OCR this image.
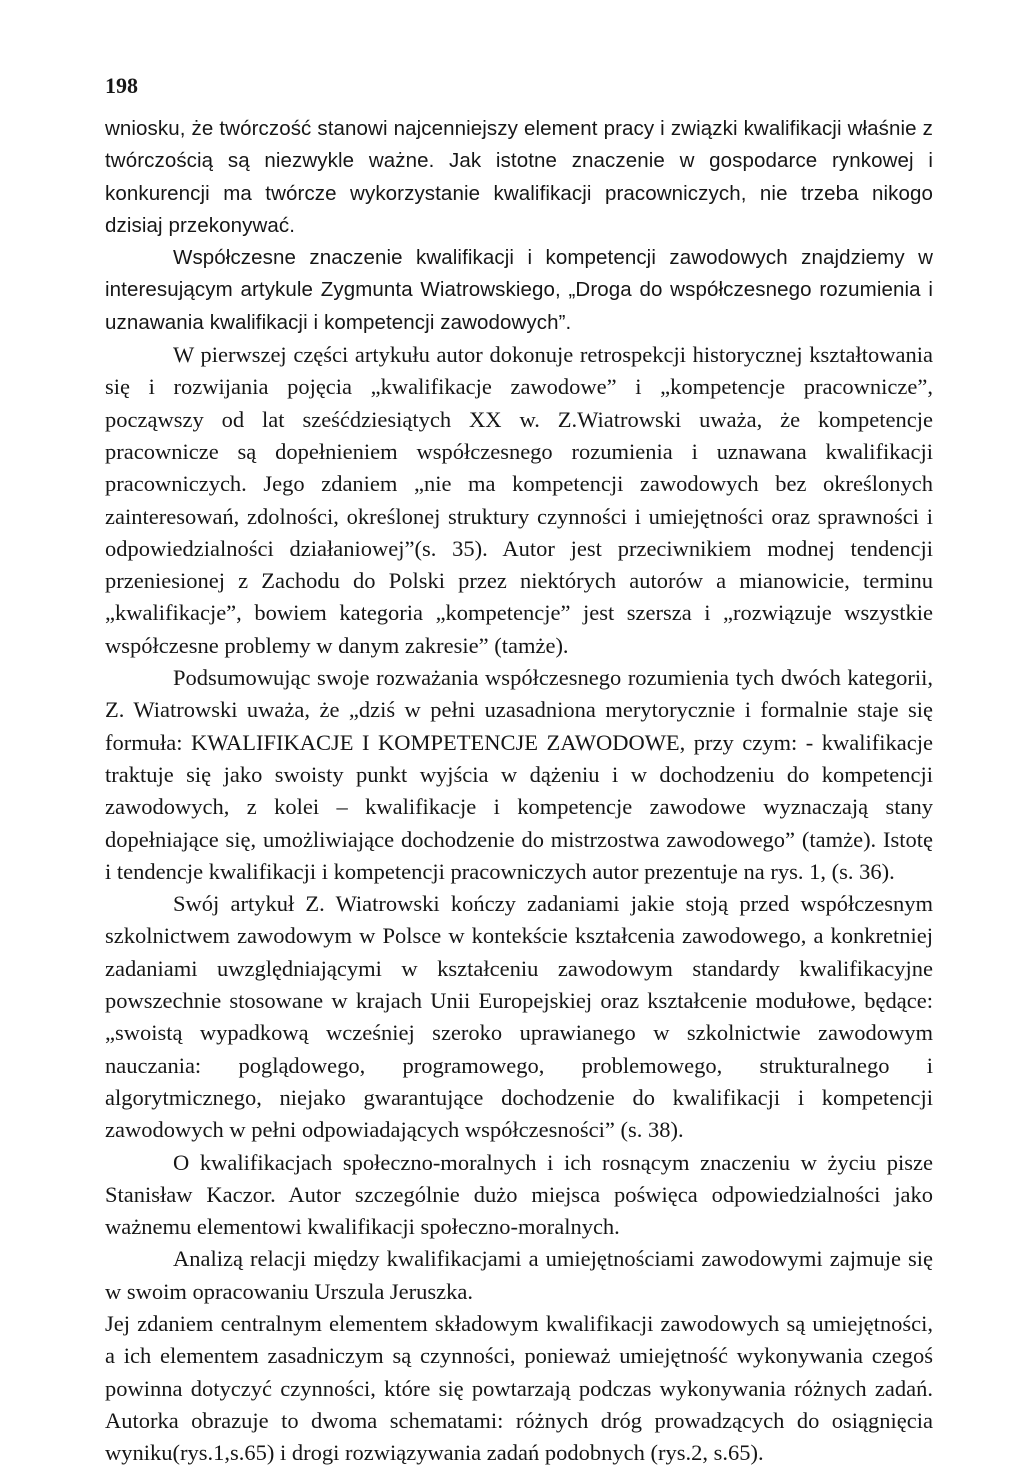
198

wniosku, że twórczość stanowi najcenniejszy element pracy i związki kwalifikacji właśnie z twórczością są niezwykle ważne. Jak istotne znaczenie w gospodarce rynkowej i konkurencji ma twórcze wykorzystanie kwalifikacji pracowniczych, nie trzeba nikogo dzisiaj przekonywać.

Współczesne znaczenie kwalifikacji i kompetencji zawodowych znajdziemy w interesującym artykule Zygmunta Wiatrowskiego, „Droga do współczesnego rozumienia i uznawania kwalifikacji i kompetencji zawodowych”.

W pierwszej części artykułu autor dokonuje retrospekcji historycznej kształtowania się i rozwijania pojęcia „kwalifikacje zawodowe” i „kompetencje pracownicze”, począwszy od lat sześćdziesiątych XX w. Z.Wiatrowski uważa, że kompetencje pracownicze są dopełnieniem współczesnego rozumienia i uznawana kwalifikacji pracowniczych. Jego zdaniem „nie ma kompetencji zawodowych bez określonych zainteresowań, zdolności, określonej struktury czynności i umiejętności oraz sprawności i odpowiedzialności działaniowej”(s. 35). Autor jest przeciwnikiem modnej tendencji przeniesionej z Zachodu do Polski przez niektórych autorów a mianowicie, terminu „kwalifikacje”, bowiem kategoria „kompetencje” jest szersza i „rozwiązuje wszystkie współczesne problemy w danym zakresie” (tamże).

Podsumowując swoje rozważania współczesnego rozumienia tych dwóch kategorii, Z. Wiatrowski uważa, że „dziś w pełni uzasadniona merytorycznie i formalnie staje się formuła: KWALIFIKACJE I KOMPETENCJE ZAWODOWE, przy czym: - kwalifikacje traktuje się jako swoisty punkt wyjścia w dążeniu i w dochodzeniu do kompetencji zawodowych, z kolei – kwalifikacje i kompetencje zawodowe wyznaczają stany dopełniające się, umożliwiające dochodzenie do mistrzostwa zawodowego” (tamże). Istotę i tendencje kwalifikacji i kompetencji pracowniczych autor prezentuje na rys. 1, (s. 36).

Swój artykuł Z. Wiatrowski kończy zadaniami jakie stoją przed współczesnym szkolnictwem zawodowym w Polsce w kontekście kształcenia zawodowego, a konkretniej zadaniami uwzględniającymi w kształceniu zawodowym standardy kwalifikacyjne powszechnie stosowane w krajach Unii Europejskiej oraz kształcenie modułowe, będące: „swoistą wypadkową wcześniej szeroko uprawianego w szkolnictwie zawodowym nauczania: poglądowego, programowego, problemowego, strukturalnego i algorytmicznego, niejako gwarantujące dochodzenie do kwalifikacji i kompetencji zawodowych w pełni odpowiadających współczesności” (s. 38).

O kwalifikacjach społeczno-moralnych i ich rosnącym znaczeniu w życiu pisze Stanisław Kaczor. Autor szczególnie dużo miejsca poświęca odpowiedzialności jako ważnemu elementowi kwalifikacji społeczno-moralnych.

Analizą relacji między kwalifikacjami a umiejętnościami zawodowymi zajmuje się w swoim opracowaniu Urszula Jeruszka.

Jej zdaniem centralnym elementem składowym kwalifikacji zawodowych są umiejętności, a ich elementem zasadniczym są czynności, ponieważ umiejętność wykonywania czegoś powinna dotyczyć czynności, które się powtarzają podczas wykonywania różnych zadań. Autorka obrazuje to dwoma schematami: różnych dróg prowadzących do osiągnięcia wyniku(rys.1,s.65) i drogi rozwiązywania zadań podobnych (rys.2, s.65).
